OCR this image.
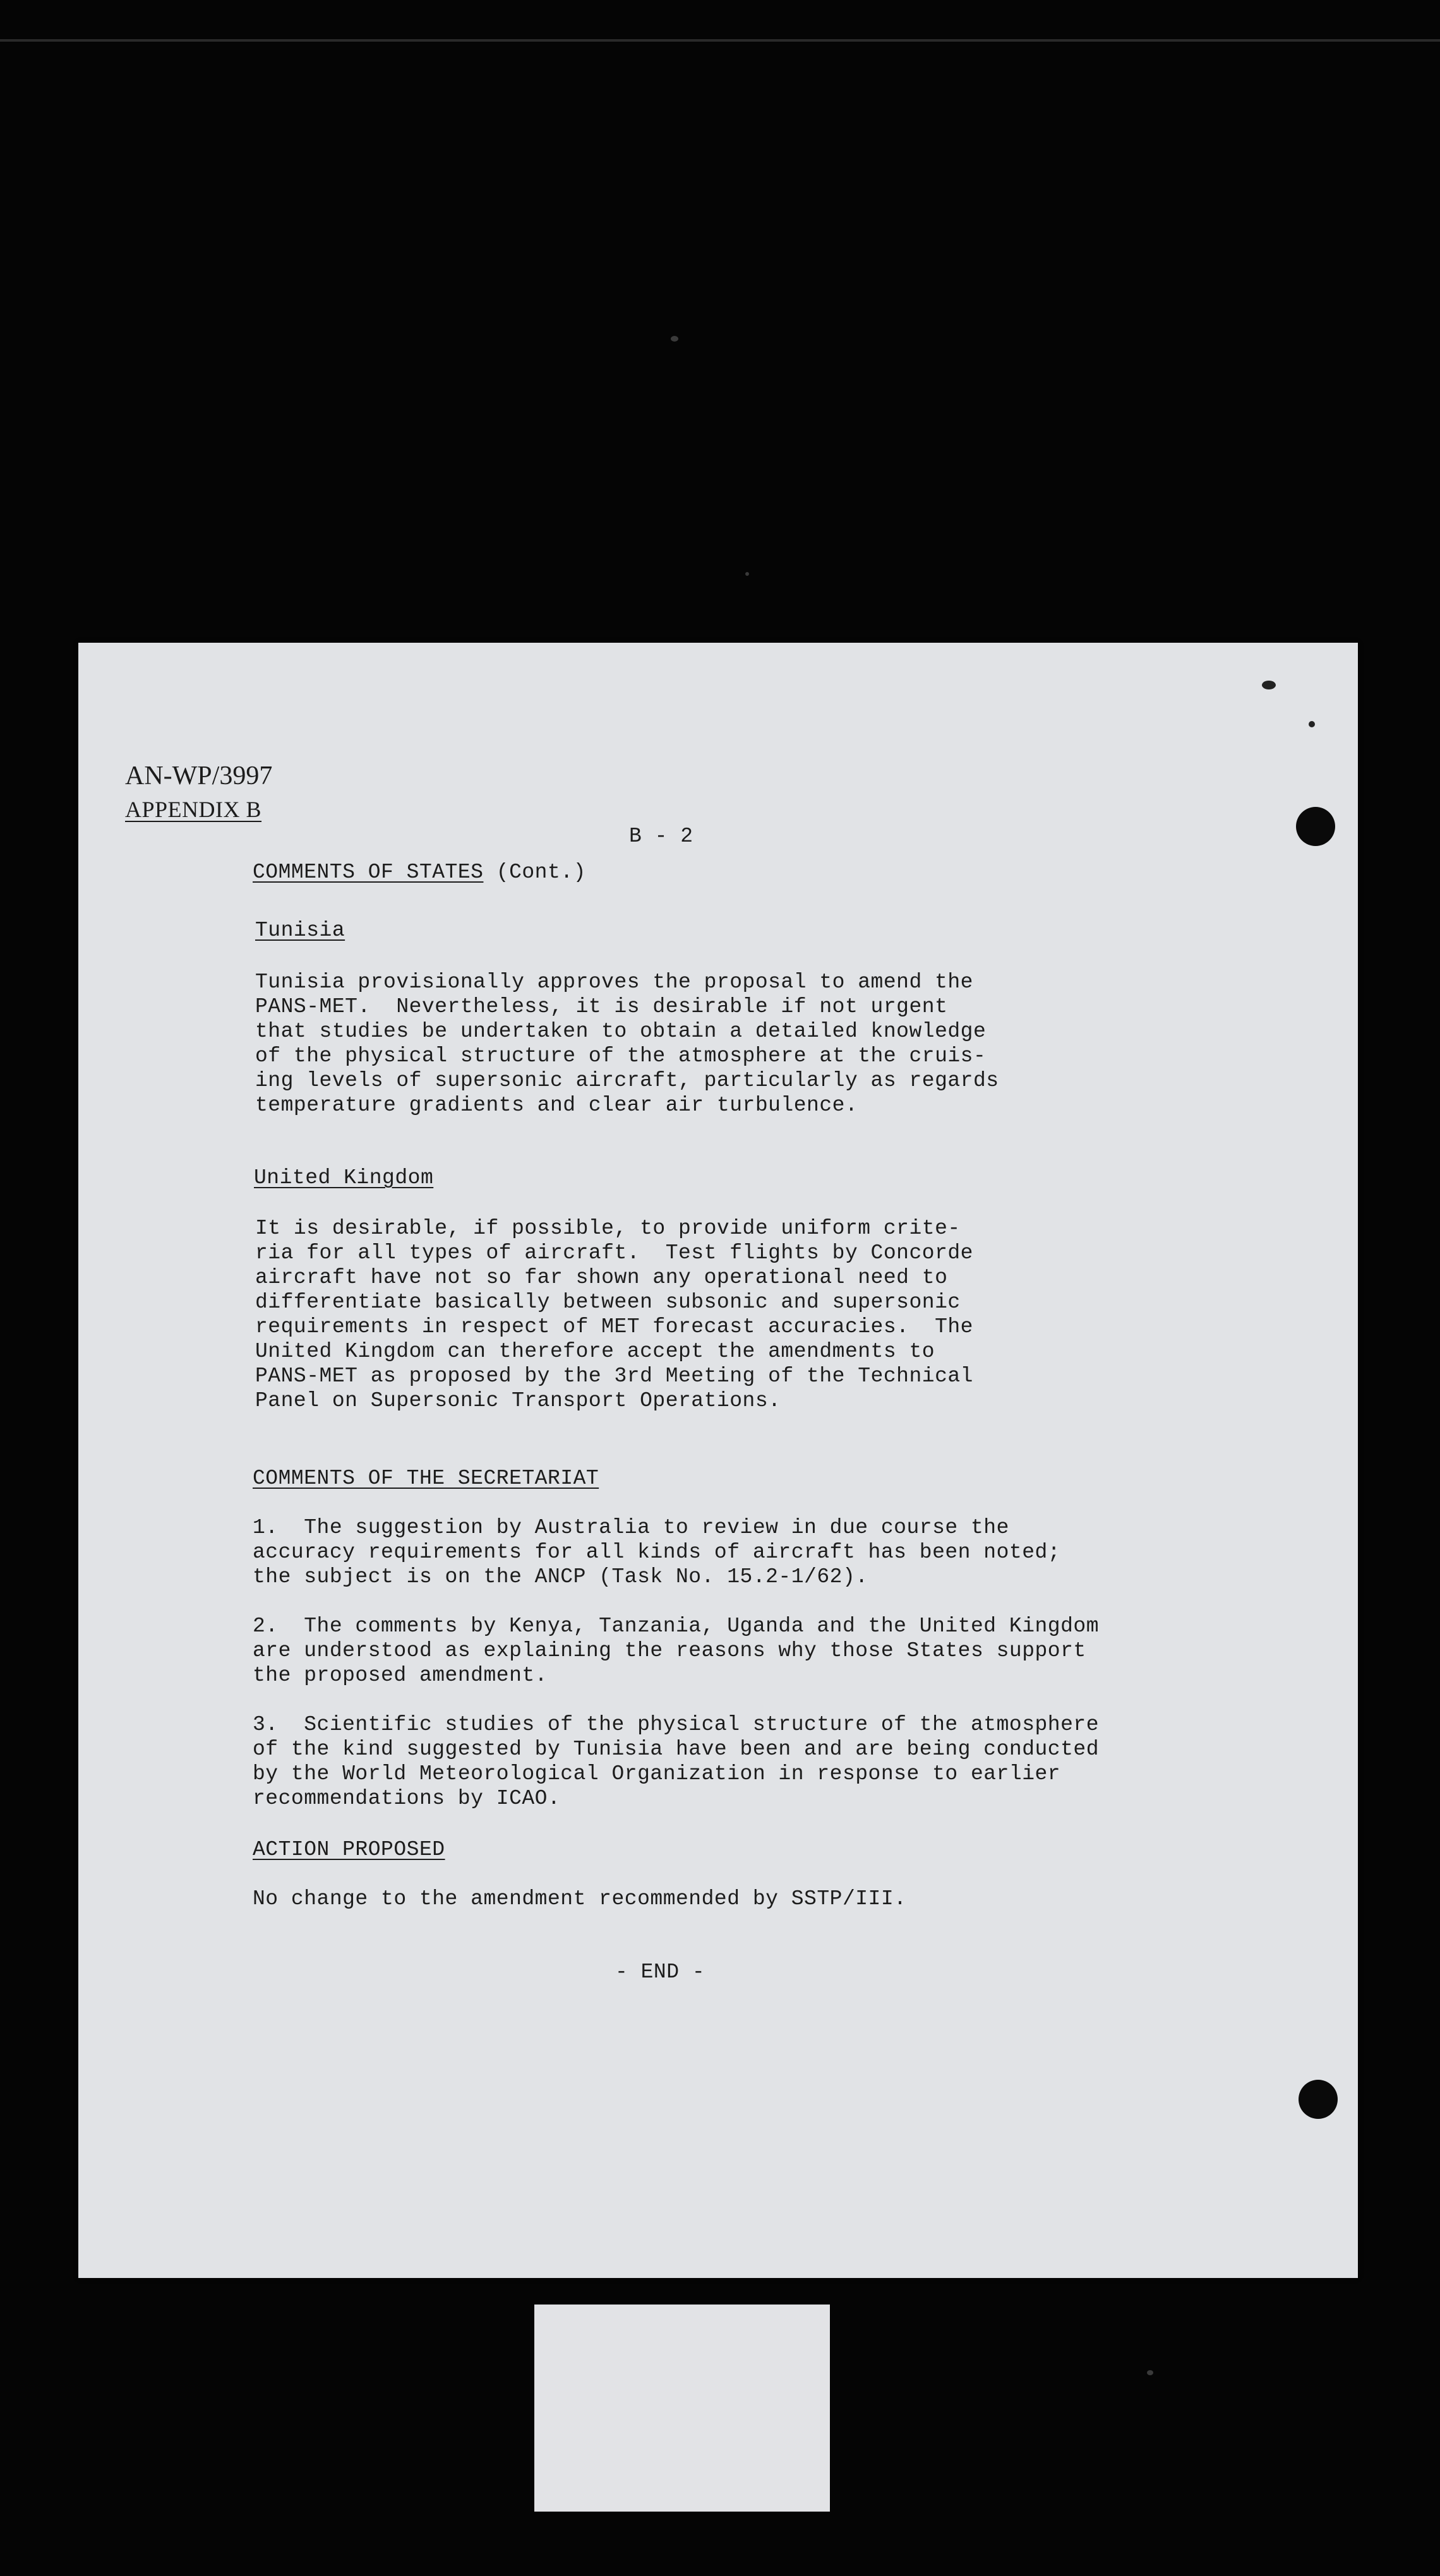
AN-WP/3997

APPENDIX B

B - 2

COMMENTS OF STATES (Cont.)

Tunisia

Tunisia provisionally approves the proposal to amend the
PANS-MET.  Nevertheless, it is desirable if not urgent
that studies be undertaken to obtain a detailed knowledge
of the physical structure of the atmosphere at the cruis-
ing levels of supersonic aircraft, particularly as regards
temperature gradients and clear air turbulence.

United Kingdom

It is desirable, if possible, to provide uniform crite-
ria for all types of aircraft.  Test flights by Concorde
aircraft have not so far shown any operational need to
differentiate basically between subsonic and supersonic
requirements in respect of MET forecast accuracies.  The
United Kingdom can therefore accept the amendments to
PANS-MET as proposed by the 3rd Meeting of the Technical
Panel on Supersonic Transport Operations.

COMMENTS OF THE SECRETARIAT

1.  The suggestion by Australia to review in due course the
accuracy requirements for all kinds of aircraft has been noted;
the subject is on the ANCP (Task No. 15.2-1/62).

2.  The comments by Kenya, Tanzania, Uganda and the United Kingdom
are understood as explaining the reasons why those States support
the proposed amendment.

3.  Scientific studies of the physical structure of the atmosphere
of the kind suggested by Tunisia have been and are being conducted
by the World Meteorological Organization in response to earlier
recommendations by ICAO.

ACTION PROPOSED

No change to the amendment recommended by SSTP/III.

- END -
